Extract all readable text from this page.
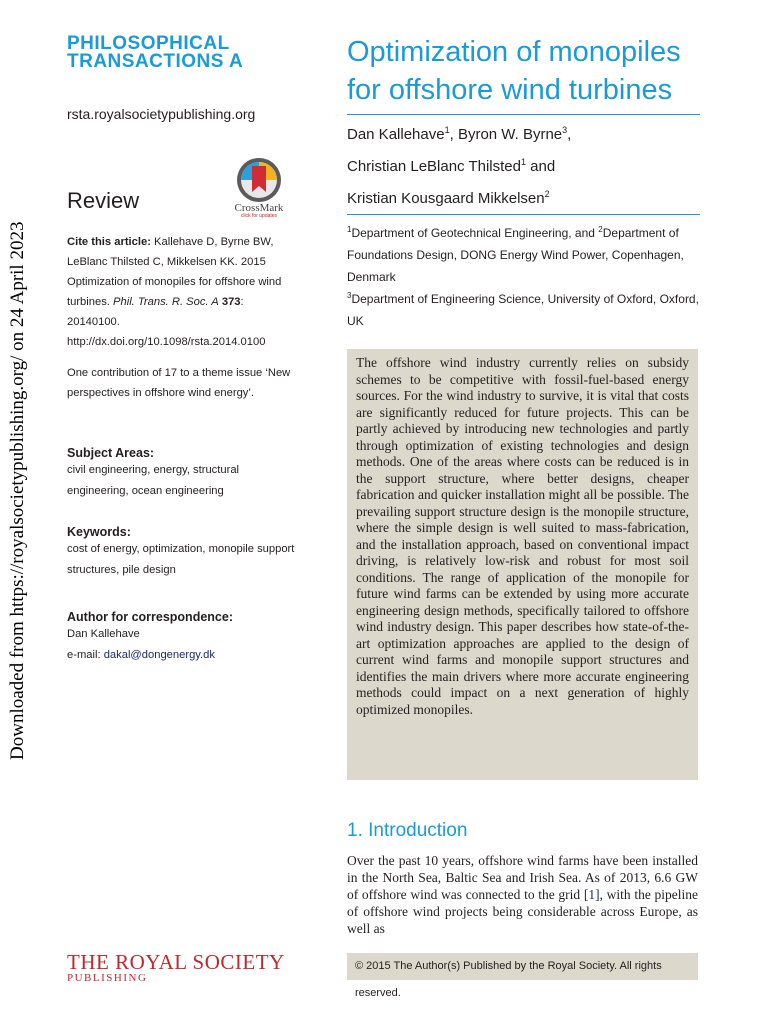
Downloaded from https://royalsocietypublishing.org/ on 24 April 2023
PHILOSOPHICAL
TRANSACTIONS A
rsta.royalsocietypublishing.org
CrossMark
click for updates
Review
Cite this article: Kallehave D, Byrne BW, LeBlanc Thilsted C, Mikkelsen KK. 2015 Optimization of monopiles for offshore wind turbines. Phil. Trans. R. Soc. A 373: 20140100. http://dx.doi.org/10.1098/rsta.2014.0100
One contribution of 17 to a theme issue ‘New perspectives in offshore wind energy’.
Subject Areas:
civil engineering, energy, structural engineering, ocean engineering
Keywords:
cost of energy, optimization, monopile support structures, pile design
Author for correspondence:
Dan Kallehave
e-mail: dakal@dongenergy.dk
THE ROYAL SOCIETY
PUBLISHING
Optimization of monopiles for offshore wind turbines
Dan Kallehave$^1$, Byron W. Byrne$^3$,
Christian LeBlanc Thilsted$^1$ and
Kristian Kousgaard Mikkelsen$^2$
$^1$Department of Geotechnical Engineering, and $^2$Department of Foundations Design, DONG Energy Wind Power, Copenhagen, Denmark
$^3$Department of Engineering Science, University of Oxford, Oxford, UK

The offshore wind industry currently relies on subsidy schemes to be competitive with fossil-fuel-based energy sources. For the wind industry to survive, it is vital that costs are significantly reduced for future projects. This can be partly achieved by introducing new technologies and partly through optimization of existing technologies and design methods. One of the areas where costs can be reduced is in the support structure, where better designs, cheaper fabrication and quicker installation might all be possible. The prevailing support structure design is the monopile structure, where the simple design is well suited to mass-fabrication, and the installation approach, based on conventional impact driving, is relatively low-risk and robust for most soil conditions. The range of application of the monopile for future wind farms can be extended by using more accurate engineering design methods, specifically tailored to offshore wind industry design. This paper describes how state-of-the-art optimization approaches are applied to the design of current wind farms and monopile support structures and identifies the main drivers where more accurate engineering methods could impact on a next generation of highly optimized monopiles.

1. Introduction

Over the past 10 years, offshore wind farms have been installed in the North Sea, Baltic Sea and Irish Sea. As of 2013, 6.6 GW of offshore wind was connected to the grid [1], with the pipeline of offshore wind projects being considerable across Europe, as well as

© 2015 The Author(s) Published by the Royal Society. All rights reserved.
